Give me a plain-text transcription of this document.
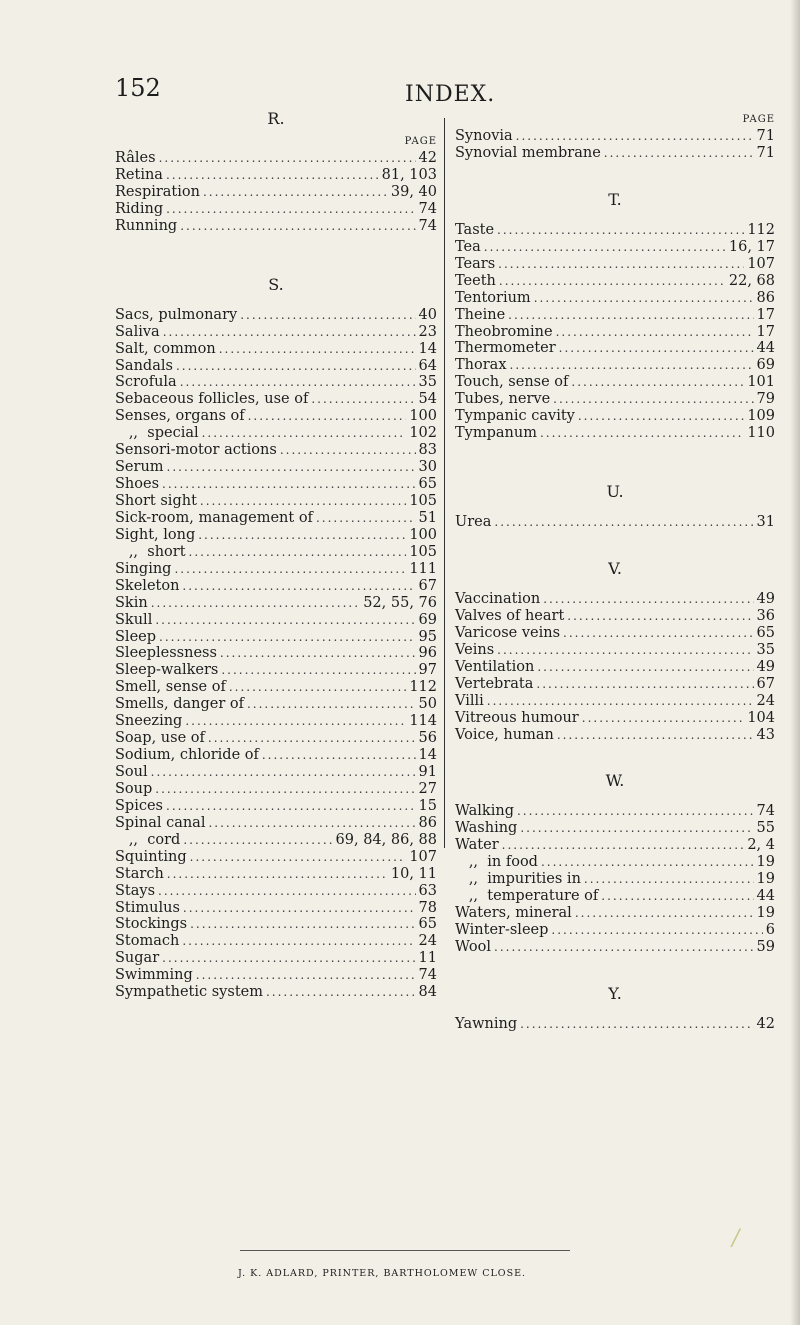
152	INDEX.
R.
PAGE
Râles .....	42
Retina .....	81, 103
Respiration .....	39, 40
Riding .....	74
Running .....	74
S.
Sacs, pulmonary .....	40
Saliva .....	23
Salt, common .....	14
Sandals .....	64
Scrofula .....	35
Sebaceous follicles, use of .....	54
Senses, organs of .....	100
,,  special .....	102
Sensori-motor actions .....	83
Serum .....	30
Shoes .....	65
Short sight .....	105
Sick-room, management of .....	51
Sight, long .....	100
,,  short .....	105
Singing .....	111
Skeleton .....	67
Skin .....	52, 55, 76
Skull .....	69
Sleep .....	95
Sleeplessness .....	96
Sleep-walkers .....	97
Smell, sense of .....	112
Smells, danger of .....	50
Sneezing .....	114
Soap, use of .....	56
Sodium, chloride of .....	14
Soul .....	91
Soup .....	27
Spices .....	15
Spinal canal .....	86
,,  cord .....	69, 84, 86, 88
Squinting .....	107
Starch .....	10, 11
Stays .....	63
Stimulus .....	78
Stockings .....	65
Stomach .....	24
Sugar .....	11
Swimming .....	74
Sympathetic system .....	84
PAGE
Synovia .....	71
Synovial membrane .....	71
T.
Taste .....	112
Tea .....	16, 17
Tears .....	107
Teeth .....	22, 68
Tentorium .....	86
Theine .....	17
Theobromine .....	17
Thermometer .....	44
Thorax .....	69
Touch, sense of .....	101
Tubes, nerve .....	79
Tympanic cavity .....	109
Tympanum .....	110
U.
Urea .....	31
V.
Vaccination .....	49
Valves of heart .....	36
Varicose veins .....	65
Veins .....	35
Ventilation .....	49
Vertebrata .....	67
Villi .....	24
Vitreous humour .....	104
Voice, human .....	43
W.
Walking .....	74
Washing .....	55
Water .....	2, 4
,,  in food .....	19
,,  impurities in .....	19
,,  temperature of .....	44
Waters, mineral .....	19
Winter-sleep .....	6
Wool .....	59
Y.
Yawning .....	42
J. K. ADLARD, PRINTER, BARTHOLOMEW CLOSE.
/
